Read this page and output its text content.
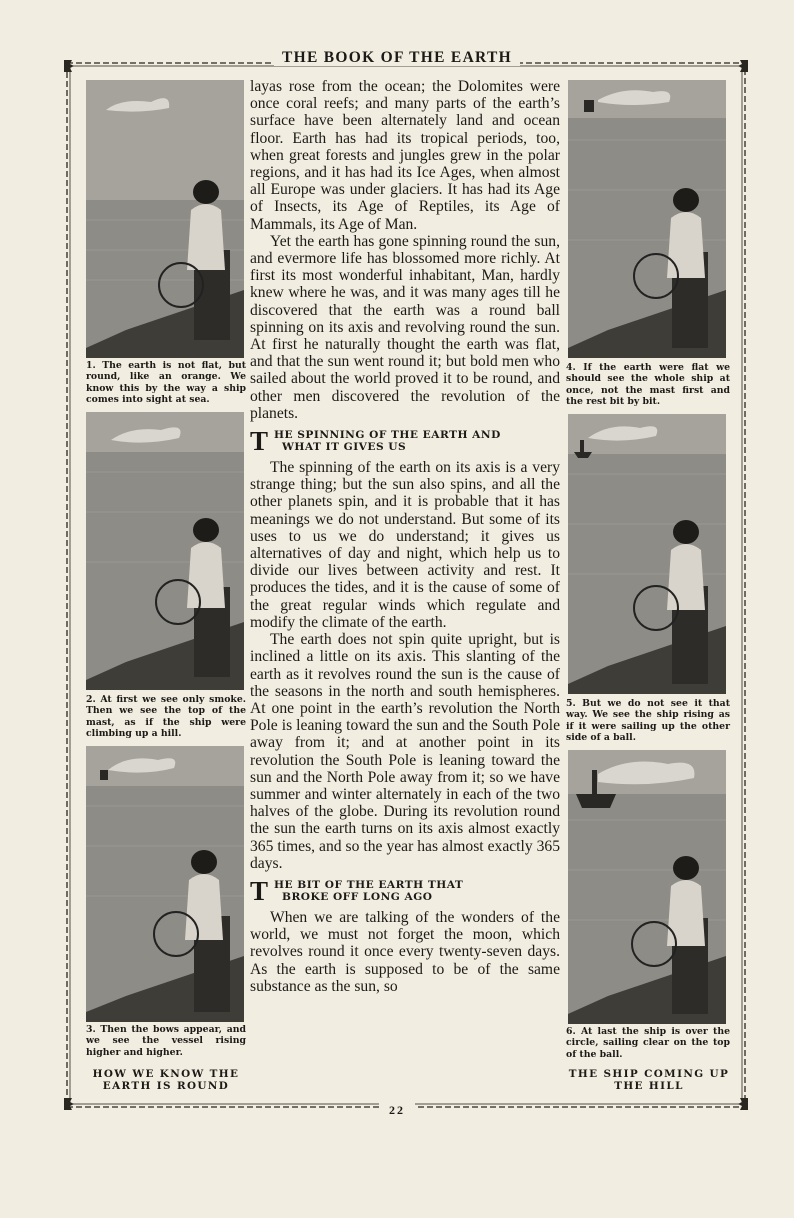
THE BOOK OF THE EARTH
22
1. The earth is not flat, but round, like an orange. We know this by the way a ship comes into sight at sea.
2. At first we see only smoke. Then we see the top of the mast, as if the ship were climbing up a hill.
3. Then the bows appear, and we see the vessel rising higher and higher.
HOW WE KNOW THE EARTH IS ROUND
4. If the earth were flat we should see the whole ship at once, not the mast first and the rest bit by bit.
5. But we do not see it that way. We see the ship rising as if it were sailing up the other side of a ball.
6. At last the ship is over the circle, sailing clear on the top of the ball.
THE SHIP COMING UP THE HILL

layas rose from the ocean; the Dolomites were once coral reefs; and many parts of the earth’s surface have been alternately land and ocean floor. Earth has had its tropical periods, too, when great forests and jungles grew in the polar regions, and it has had its Ice Ages, when almost all Europe was under glaciers. It has had its Age of Insects, its Age of Reptiles, its Age of Mammals, its Age of Man.

Yet the earth has gone spinning round the sun, and evermore life has blossomed more richly. At first its most wonderful inhabitant, Man, hardly knew where he was, and it was many ages till he discovered that the earth was a round ball spinning on its axis and revolving round the sun. At first he naturally thought the earth was flat, and that the sun went round it; but bold men who sailed about the world proved it to be round, and other men discovered the revolution of the planets.

T HE SPINNING OF THE EARTH AND
WHAT IT GIVES US

The spinning of the earth on its axis is a very strange thing; but the sun also spins, and all the other planets spin, and it is probable that it has meanings we do not understand. But some of its uses to us we do understand; it gives us alternatives of day and night, which help us to divide our lives between activity and rest. It produces the tides, and it is the cause of some of the great regular winds which regulate and modify the climate of the earth.

The earth does not spin quite upright, but is inclined a little on its axis. This slanting of the earth as it revolves round the sun is the cause of the seasons in the north and south hemispheres. At one point in the earth’s revolution the North Pole is leaning toward the sun and the South Pole away from it; and at another point in its revolution the South Pole is leaning toward the sun and the North Pole away from it; so we have summer and winter alternately in each of the two halves of the globe. During its revolution round the sun the earth turns on its axis almost exactly 365 times, and so the year has almost exactly 365 days.

T HE BIT OF THE EARTH THAT
BROKE OFF LONG AGO

When we are talking of the wonders of the world, we must not forget the moon, which revolves round it once every twenty-seven days. As the earth is supposed to be of the same substance as the sun, so
